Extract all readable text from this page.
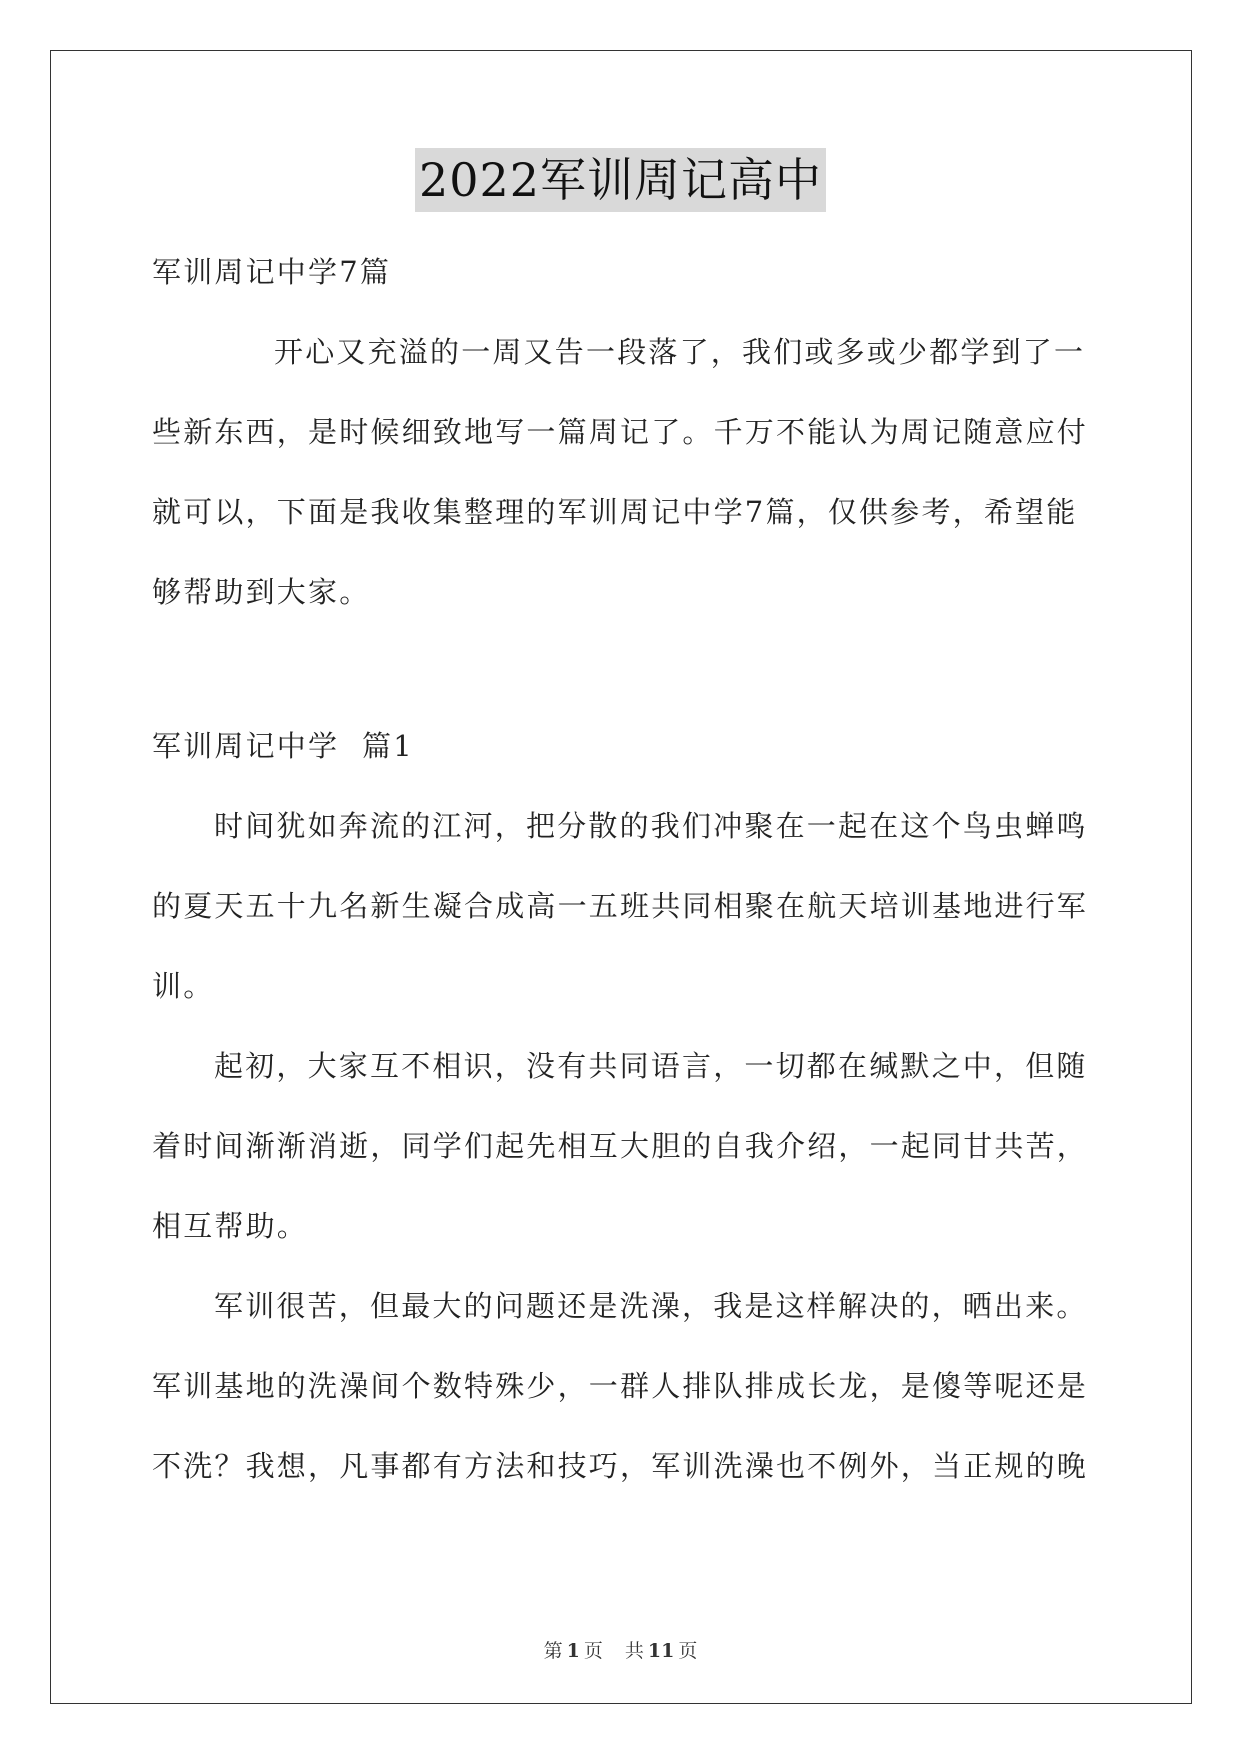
2022军训周记高中
军训周记中学7篇
开心又充溢的一周又告一段落了，我们或多或少都学到了一
些新东西，是时候细致地写一篇周记了。千万不能认为周记随意应付
就可以，下面是我收集整理的军训周记中学7篇，仅供参考，希望能
够帮助到大家。
军训周记中学  篇1
时间犹如奔流的江河，把分散的我们冲聚在一起在这个鸟虫蝉鸣
的夏天五十九名新生凝合成高一五班共同相聚在航天培训基地进行军
训。
起初，大家互不相识，没有共同语言，一切都在缄默之中，但随
着时间渐渐消逝，同学们起先相互大胆的自我介绍，一起同甘共苦，
相互帮助。
军训很苦，但最大的问题还是洗澡，我是这样解决的，晒出来。
军训基地的洗澡间个数特殊少，一群人排队排成长龙，是傻等呢还是
不洗？我想，凡事都有方法和技巧，军训洗澡也不例外，当正规的晚
第 1 页 共 11 页
